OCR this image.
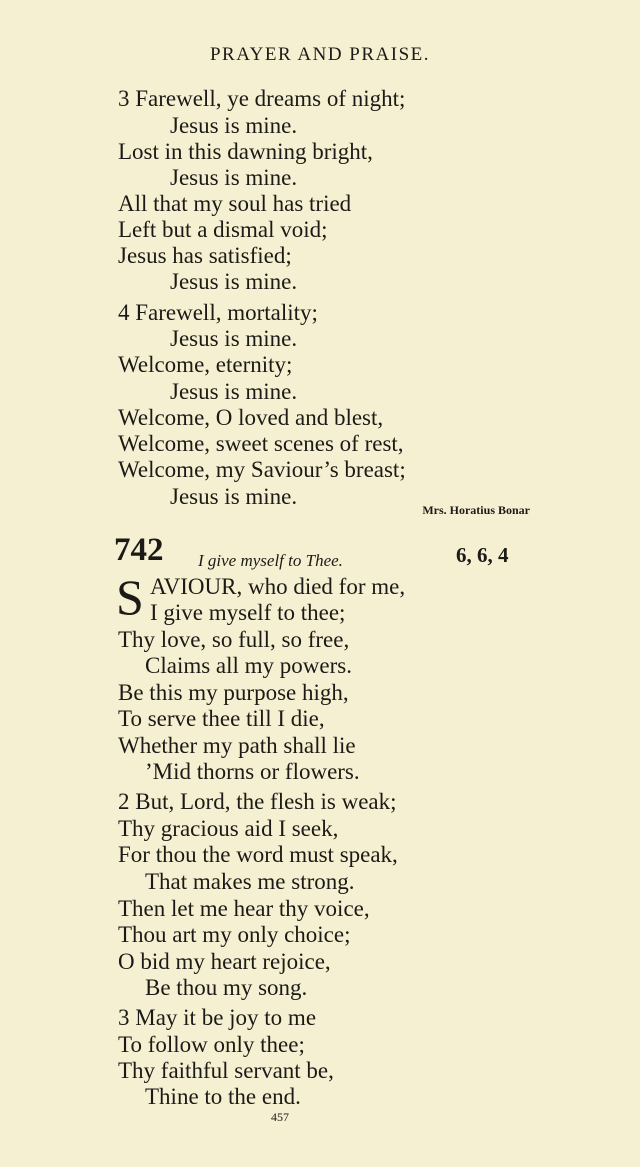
PRAYER AND PRAISE.
3 Farewell, ye dreams of night;
Jesus is mine.
Lost in this dawning bright,
Jesus is mine.
All that my soul has tried
Left but a dismal void;
Jesus has satisfied;
Jesus is mine.
4 Farewell, mortality;
Jesus is mine.
Welcome, eternity;
Jesus is mine.
Welcome, O loved and blest,
Welcome, sweet scenes of rest,
Welcome, my Saviour’s breast;
Jesus is mine.
Mrs. Horatius Bonar
742 I give myself to Thee.	6, 6, 4
S AVIOUR, who died for me,
I give myself to thee;
Thy love, so full, so free,
Claims all my powers.
Be this my purpose high,
To serve thee till I die,
Whether my path shall lie
’Mid thorns or flowers.
2 But, Lord, the flesh is weak;
Thy gracious aid I seek,
For thou the word must speak,
That makes me strong.
Then let me hear thy voice,
Thou art my only choice;
O bid my heart rejoice,
Be thou my song.
3 May it be joy to me
To follow only thee;
Thy faithful servant be,
Thine to the end.
457
